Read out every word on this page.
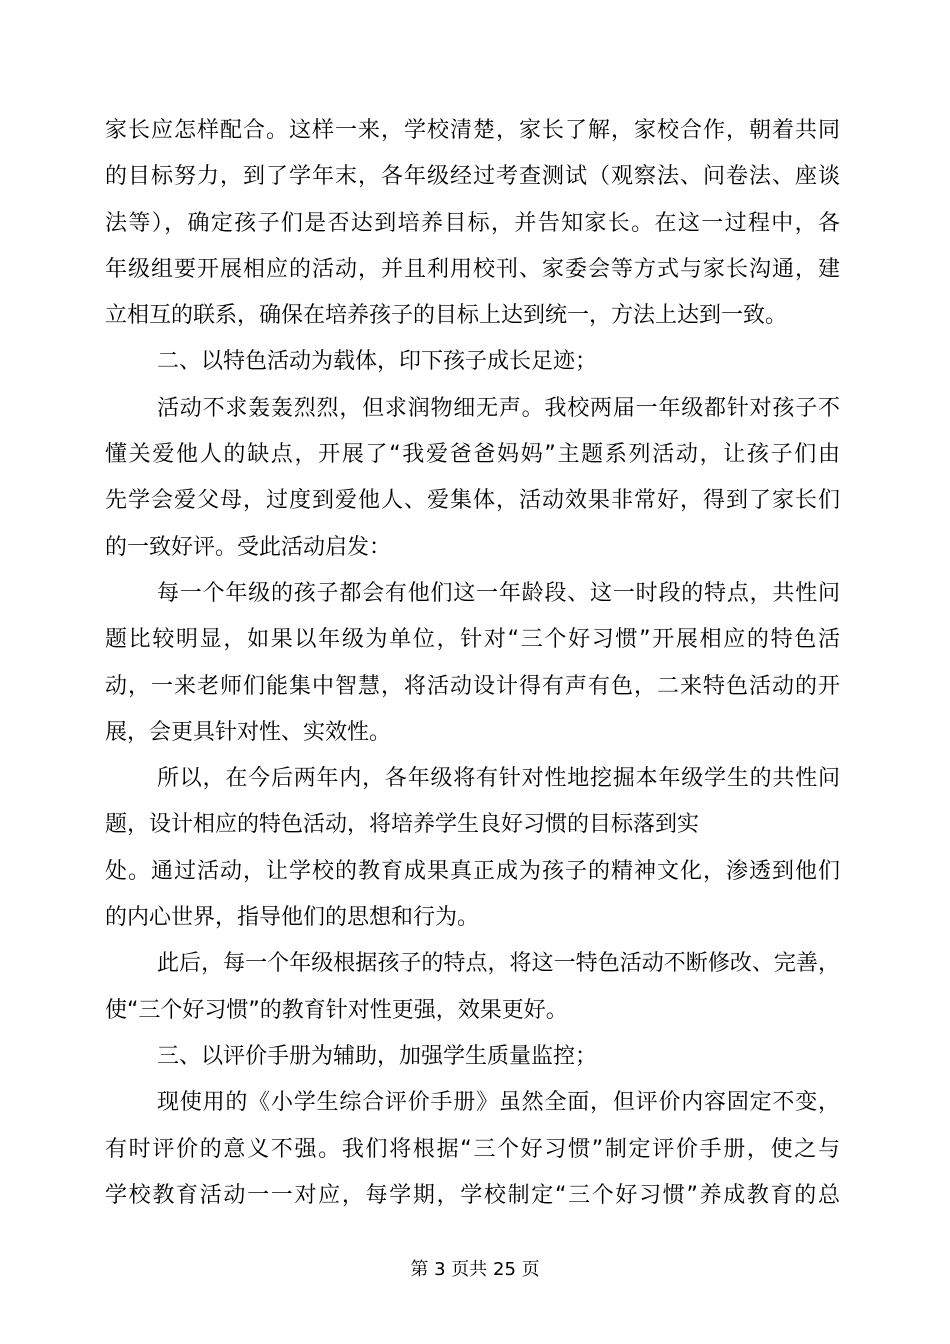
家长应怎样配合。这样一来，学校清楚，家长了解，家校合作，朝着共同
的目标努力，到了学年末，各年级经过考查测试（观察法、问卷法、座谈
法等），确定孩子们是否达到培养目标，并告知家长。在这一过程中，各
年级组要开展相应的活动，并且利用校刊、家委会等方式与家长沟通，建
立相互的联系，确保在培养孩子的目标上达到统一，方法上达到一致。
二、以特色活动为载体，印下孩子成长足迹；
活动不求轰轰烈烈，但求润物细无声。我校两届一年级都针对孩子不
懂关爱他人的缺点，开展了“我爱爸爸妈妈”主题系列活动，让孩子们由
先学会爱父母，过度到爱他人、爱集体，活动效果非常好，得到了家长们
的一致好评。受此活动启发：
每一个年级的孩子都会有他们这一年龄段、这一时段的特点，共性问
题比较明显，如果以年级为单位，针对“三个好习惯”开展相应的特色活
动，一来老师们能集中智慧，将活动设计得有声有色，二来特色活动的开
展，会更具针对性、实效性。
所以，在今后两年内，各年级将有针对性地挖掘本年级学生的共性问
题，设计相应的特色活动，将培养学生良好习惯的目标落到实
处。通过活动，让学校的教育成果真正成为孩子的精神文化，渗透到他们
的内心世界，指导他们的思想和行为。
此后，每一个年级根据孩子的特点，将这一特色活动不断修改、完善，
使“三个好习惯”的教育针对性更强，效果更好。
三、以评价手册为辅助，加强学生质量监控；
现使用的《小学生综合评价手册》虽然全面，但评价内容固定不变，
有时评价的意义不强。我们将根据“三个好习惯”制定评价手册，使之与
学校教育活动一一对应，每学期，学校制定“三个好习惯”养成教育的总
第 3 页共 25 页
